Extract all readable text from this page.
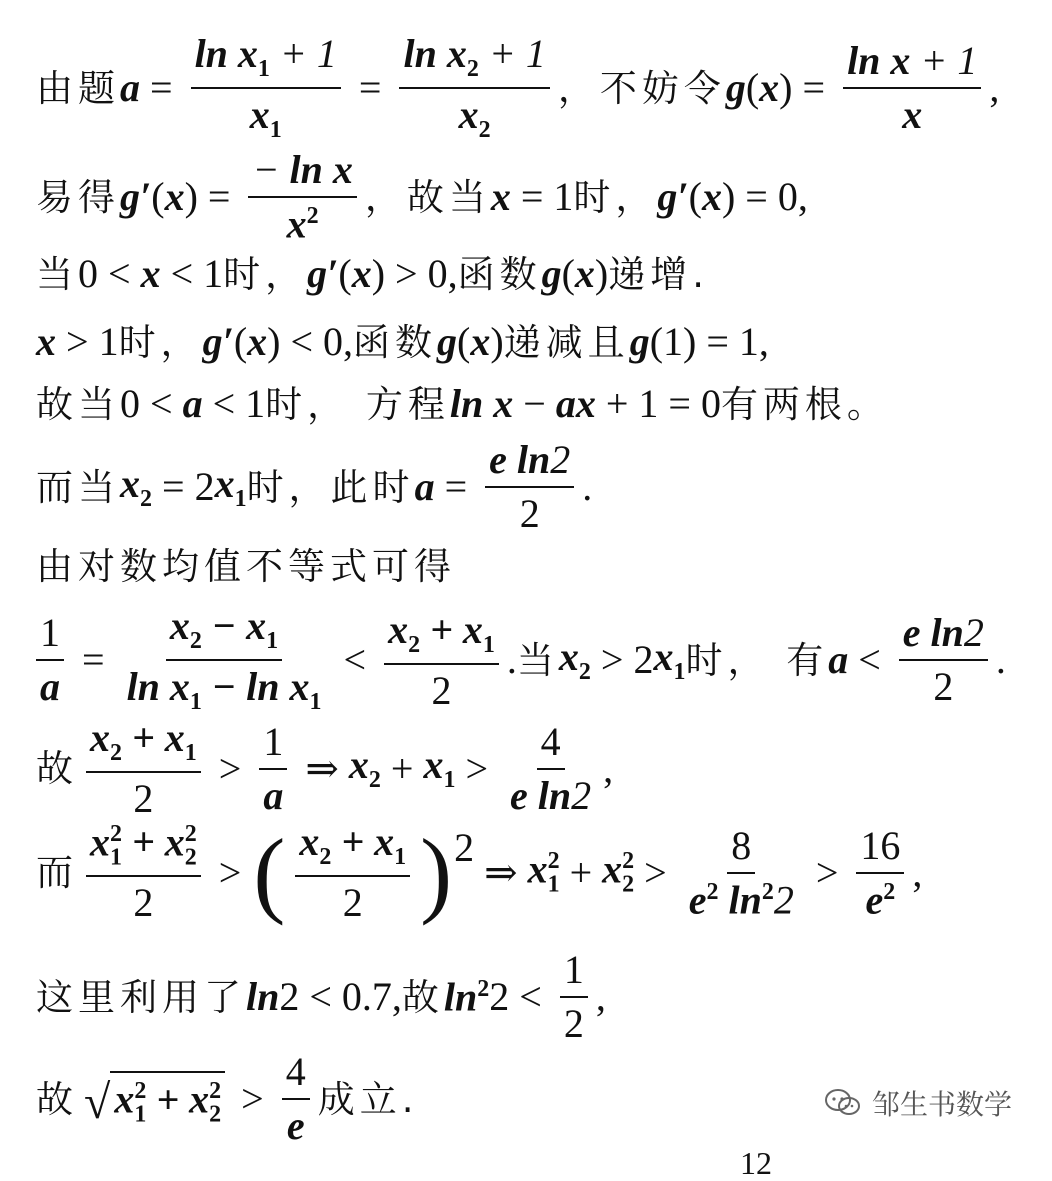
由题 $a = \frac{\ln x_1 + 1}{x_1} = \frac{\ln x_2 + 1}{x_2}$ ，不妨令 g ( x ) = $\frac{\text{ln x + 1}}{x}$ ,
易得 g′ ( x ) = $\frac{\text{− ln x}}{x^2}$ ，故当 x = 1 时， g′ ( x ) = 0,
当 0 < x < 1 时， g′ ( x ) > 0, 函数 g ( x ) 递增.
x > 1 时， g′ ( x ) < 0, 函数 g ( x ) 递减且 g (1) = 1,
故当 0 < a < 1 时， 方程 ln x − ax + 1 = 0 有两根。
而当 $x_2 = 2$ $x_1$ 时，此时 $a = \frac{\text{e ln2}}{2}$ .
由对数均值不等式可得
$\frac{1}{a} = \frac{x_2 - x_1}{\ln x_1 - \ln x_1} < \frac{x_2 + x_1}{2}$ . 当 $x_2 > 2$ $x_1$ 时， 有 $a < \frac{\text{e ln2}}{2}$ .
故 $\frac{x_2 + x_1}{2} > \frac{1}{a}$ ⇒ $x_2 + x_1 > \frac{4}{\text{e ln2}}$ ,
而 $\frac{x_1^2 + x_2^2}{2}$ > ( $\frac{x_2 + x_1}{2}$ ) 2
⇒ $x_1^2 + x_2^2 > \frac{8}{e^2 \ln^22} > \frac{16}{e^2}$ ,
这里利用了 ln 2 < 0.7, 故 $\ln^2 2 < \frac{1}{2}$ ,
故 √ $x_1^2 + x_2^2 > \frac{4}{e}$ 成立.	邹生书数学
12
